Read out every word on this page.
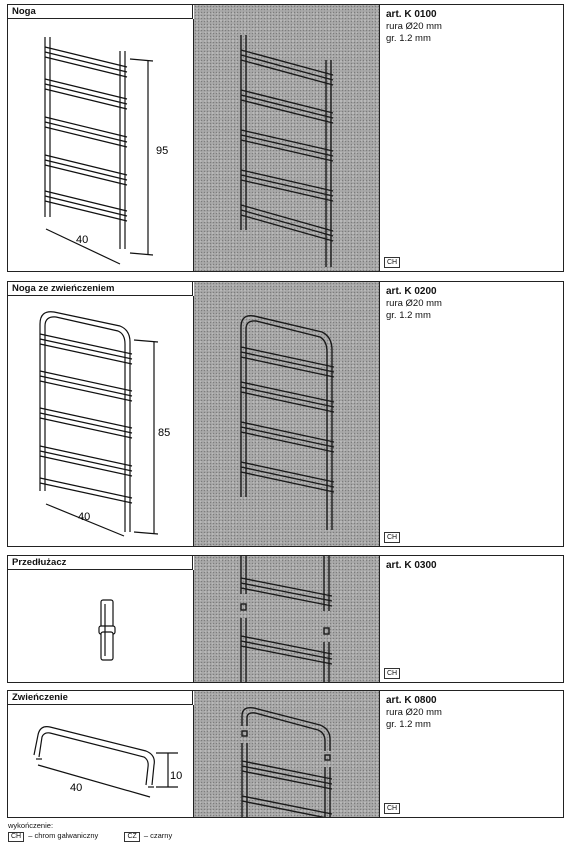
Noga
95
40
art. K 0100
rura Ø20 mm
gr. 1.2 mm
CH
Noga ze zwieńczeniem
85
40
art. K 0200
rura Ø20 mm
gr. 1.2 mm
CH
Przedłużacz	art. K 0300
CH
Zwieńczenie
10
40
art. K 0800
rura Ø20 mm
gr. 1.2 mm
CH
wykończenie:
CH – chrom galwaniczny	CZ – czarny
